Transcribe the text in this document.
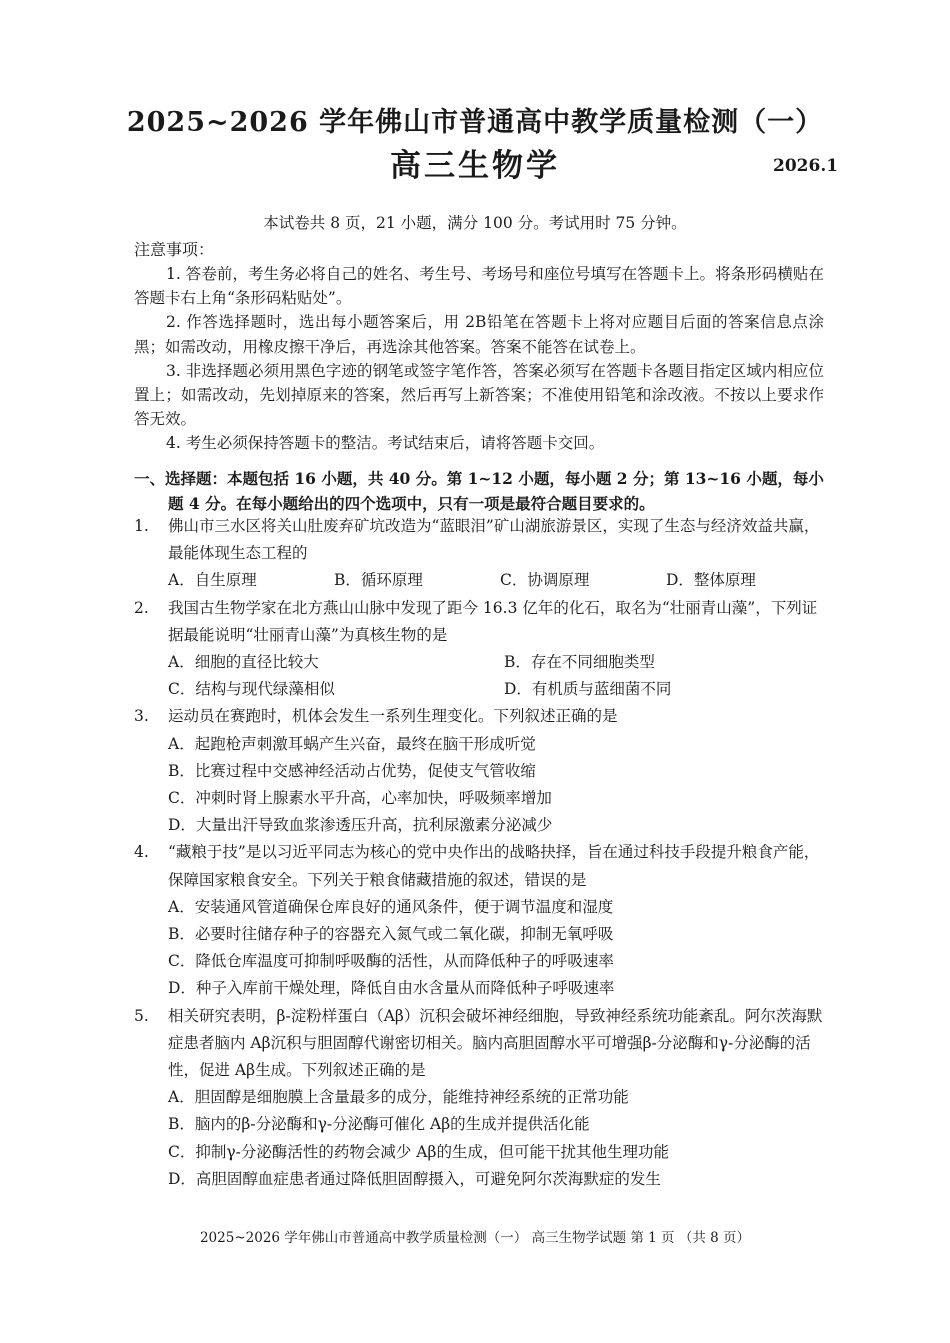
2025~2026 学年佛山市普通高中教学质量检测（一）
高三生物学	2026.1
本试卷共 8 页，21 小题，满分 100 分。考试用时 75 分钟。
注意事项：

1. 答卷前，考生务必将自己的姓名、考生号、考场号和座位号填写在答题卡上。将条形码横贴在答题卡右上角“条形码粘贴处”。

2. 作答选择题时，选出每小题答案后，用 2B铅笔在答题卡上将对应题目后面的答案信息点涂黑；如需改动，用橡皮擦干净后，再选涂其他答案。答案不能答在试卷上。

3. 非选择题必须用黑色字迹的钢笔或签字笔作答，答案必须写在答题卡各题目指定区域内相应位置上；如需改动，先划掉原来的答案，然后再写上新答案；不准使用铅笔和涂改液。不按以上要求作答无效。

4. 考生必须保持答题卡的整洁。考试结束后，请将答题卡交回。

一、选择题：本题包括 16 小题，共 40 分。第 1~12 小题，每小题 2 分；第 13~16 小题，每小题 4 分。在每小题给出的四个选项中，只有一项是最符合题目要求的。
1. 佛山市三水区将关山肚废弃矿坑改造为“蓝眼泪”矿山湖旅游景区，实现了生态与经济效益共赢，最能体现生态工程的
A．自生原理	B．循环原理	C．协调原理	D．整体原理
2. 我国古生物学家在北方燕山山脉中发现了距今 16.3 亿年的化石，取名为“壮丽青山藻”，下列证据最能说明“壮丽青山藻”为真核生物的是
A．细胞的直径比较大	B．存在不同细胞类型
C．结构与现代绿藻相似	D．有机质与蓝细菌不同
3. 运动员在赛跑时，机体会发生一系列生理变化。下列叙述正确的是
A．起跑枪声刺激耳蜗产生兴奋，最终在脑干形成听觉
B．比赛过程中交感神经活动占优势，促使支气管收缩
C．冲刺时肾上腺素水平升高，心率加快，呼吸频率增加
D．大量出汗导致血浆渗透压升高，抗利尿激素分泌减少
4. “藏粮于技”是以习近平同志为核心的党中央作出的战略抉择，旨在通过科技手段提升粮食产能，保障国家粮食安全。下列关于粮食储藏措施的叙述，错误的是
A．安装通风管道确保仓库良好的通风条件，便于调节温度和湿度
B．必要时往储存种子的容器充入氮气或二氧化碳，抑制无氧呼吸
C．降低仓库温度可抑制呼吸酶的活性，从而降低种子的呼吸速率
D．种子入库前干燥处理，降低自由水含量从而降低种子呼吸速率
5. 相关研究表明，β-淀粉样蛋白（Aβ）沉积会破坏神经细胞，导致神经系统功能紊乱。阿尔茨海默症患者脑内 Aβ沉积与胆固醇代谢密切相关。脑内高胆固醇水平可增强β-分泌酶和γ-分泌酶的活性，促进 Aβ生成。下列叙述正确的是
A．胆固醇是细胞膜上含量最多的成分，能维持神经系统的正常功能
B．脑内的β-分泌酶和γ-分泌酶可催化 Aβ的生成并提供活化能
C．抑制γ-分泌酶活性的药物会减少 Aβ的生成，但可能干扰其他生理功能
D．高胆固醇血症患者通过降低胆固醇摄入，可避免阿尔茨海默症的发生
2025~2026 学年佛山市普通高中教学质量检测（一） 高三生物学试题 第 1 页 （共 8 页）
